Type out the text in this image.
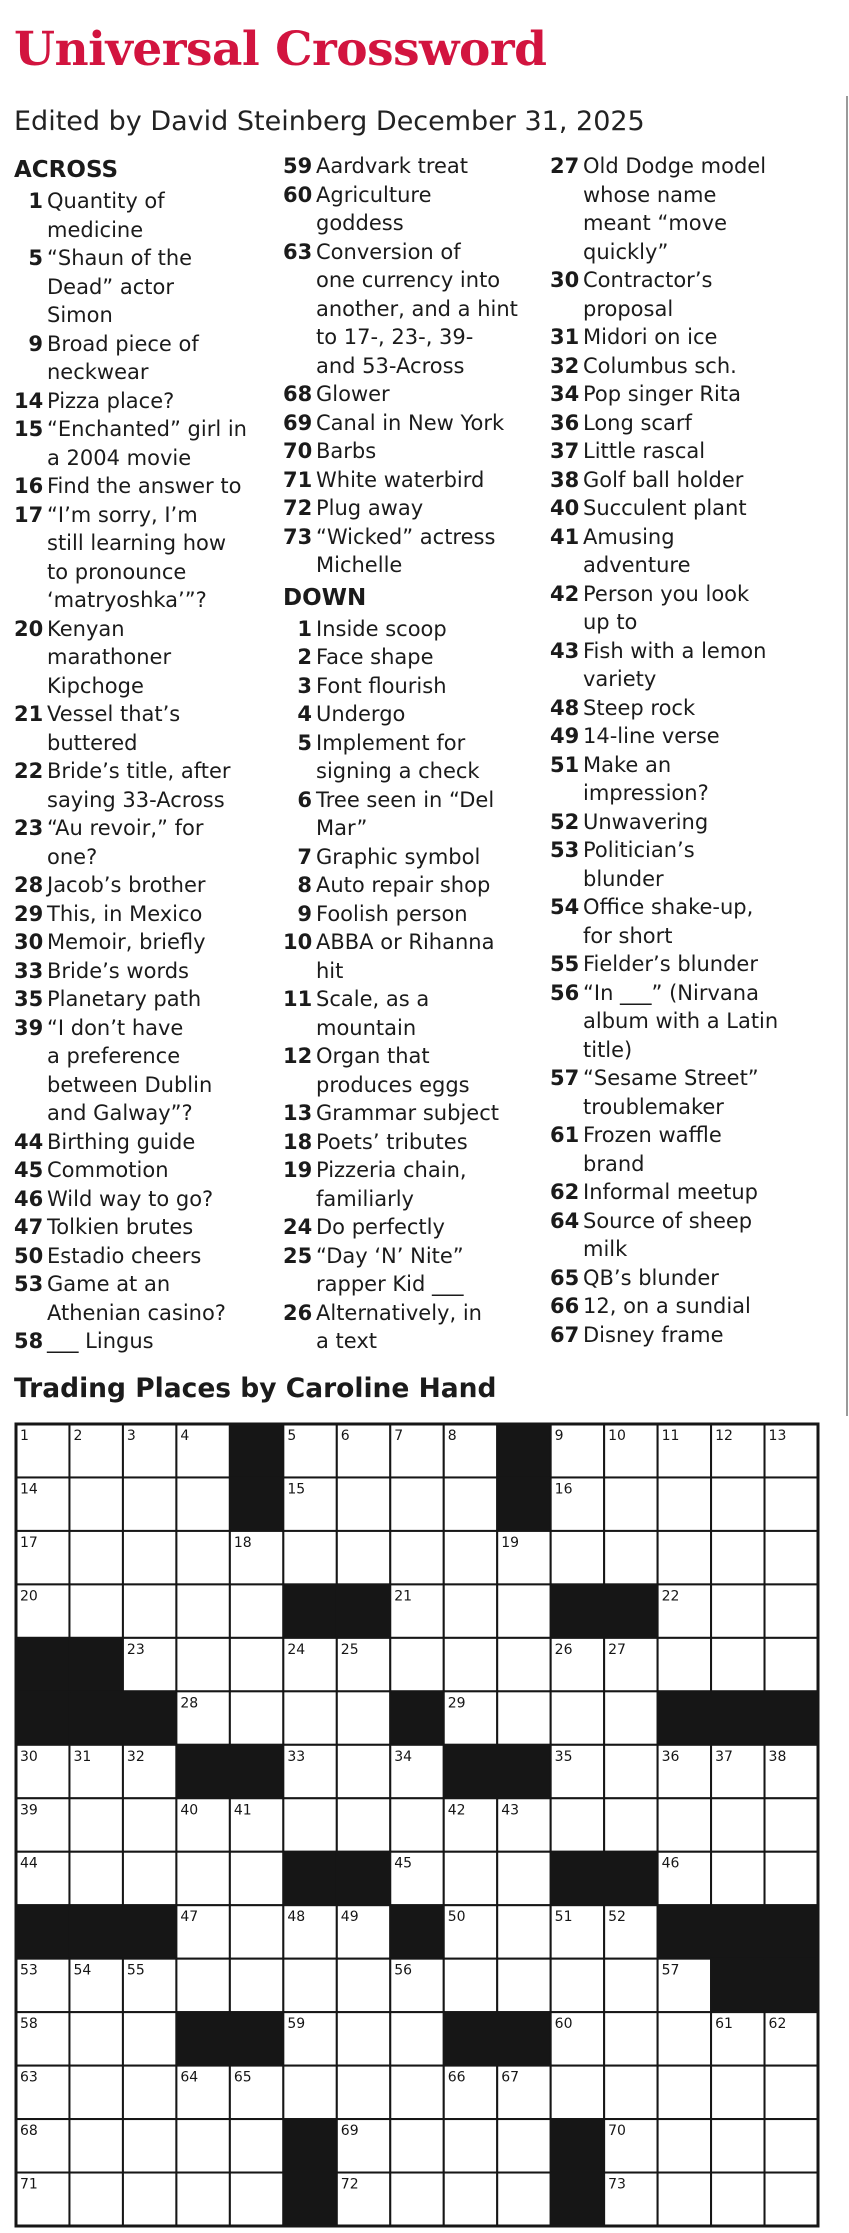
Universal Crossword
Edited by David Steinberg December 31, 2025
ACROSS
1 Quantity of
medicine
5 “Shaun of the
Dead” actor
Simon
9 Broad piece of
neckwear
14 Pizza place?
15 “Enchanted” girl in
a 2004 movie
16 Find the answer to
17 “I’m sorry, I’m
still learning how
to pronounce
‘matryoshka’”?
20 Kenyan
marathoner
Kipchoge
21 Vessel that’s
buttered
22 Bride’s title, after
saying 33-Across
23 “Au revoir,” for
one?
28 Jacob’s brother
29 This, in Mexico
30 Memoir, briefly
33 Bride’s words
35 Planetary path
39 “I don’t have
a preference
between Dublin
and Galway”?
44 Birthing guide
45 Commotion
46 Wild way to go?
47 Tolkien brutes
50 Estadio cheers
53 Game at an
Athenian casino?
58 ___ Lingus
59 Aardvark treat
60 Agriculture
goddess
63 Conversion of
one currency into
another, and a hint
to 17-, 23-, 39-
and 53-Across
68 Glower
69 Canal in New York
70 Barbs
71 White waterbird
72 Plug away
73 “Wicked” actress
Michelle
DOWN
1 Inside scoop
2 Face shape
3 Font flourish
4 Undergo
5 Implement for
signing a check
6 Tree seen in “Del
Mar”
7 Graphic symbol
8 Auto repair shop
9 Foolish person
10 ABBA or Rihanna
hit
11 Scale, as a
mountain
12 Organ that
produces eggs
13 Grammar subject
18 Poets’ tributes
19 Pizzeria chain,
familiarly
24 Do perfectly
25 “Day ‘N’ Nite”
rapper Kid ___
26 Alternatively, in
a text
27 Old Dodge model
whose name
meant “move
quickly”
30 Contractor’s
proposal
31 Midori on ice
32 Columbus sch.
34 Pop singer Rita
36 Long scarf
37 Little rascal
38 Golf ball holder
40 Succulent plant
41 Amusing
adventure
42 Person you look
up to
43 Fish with a lemon
variety
48 Steep rock
49 14-line verse
51 Make an
impression?
52 Unwavering
53 Politician’s
blunder
54 Office shake-up,
for short
55 Fielder’s blunder
56 “In ___” (Nirvana
album with a Latin
title)
57 “Sesame Street”
troublemaker
61 Frozen waffle
brand
62 Informal meetup
64 Source of sheep
milk
65 QB’s blunder
66 12, on a sundial
67 Disney frame
Trading Places by Caroline Hand
1	2	3	4	5	6	7	8	9	10	11	12	13
14	15	16
17	18	19
20	21	22
23	24	25	26	27
28	29
30	31	32	33	34	35	36	37	38
39	40	41	42	43
44	45	46
47	48	49	50	51	52
53	54	55	56	57
58	59	60	61	62
63	64	65	66	67
68	69	70
71	72	73
